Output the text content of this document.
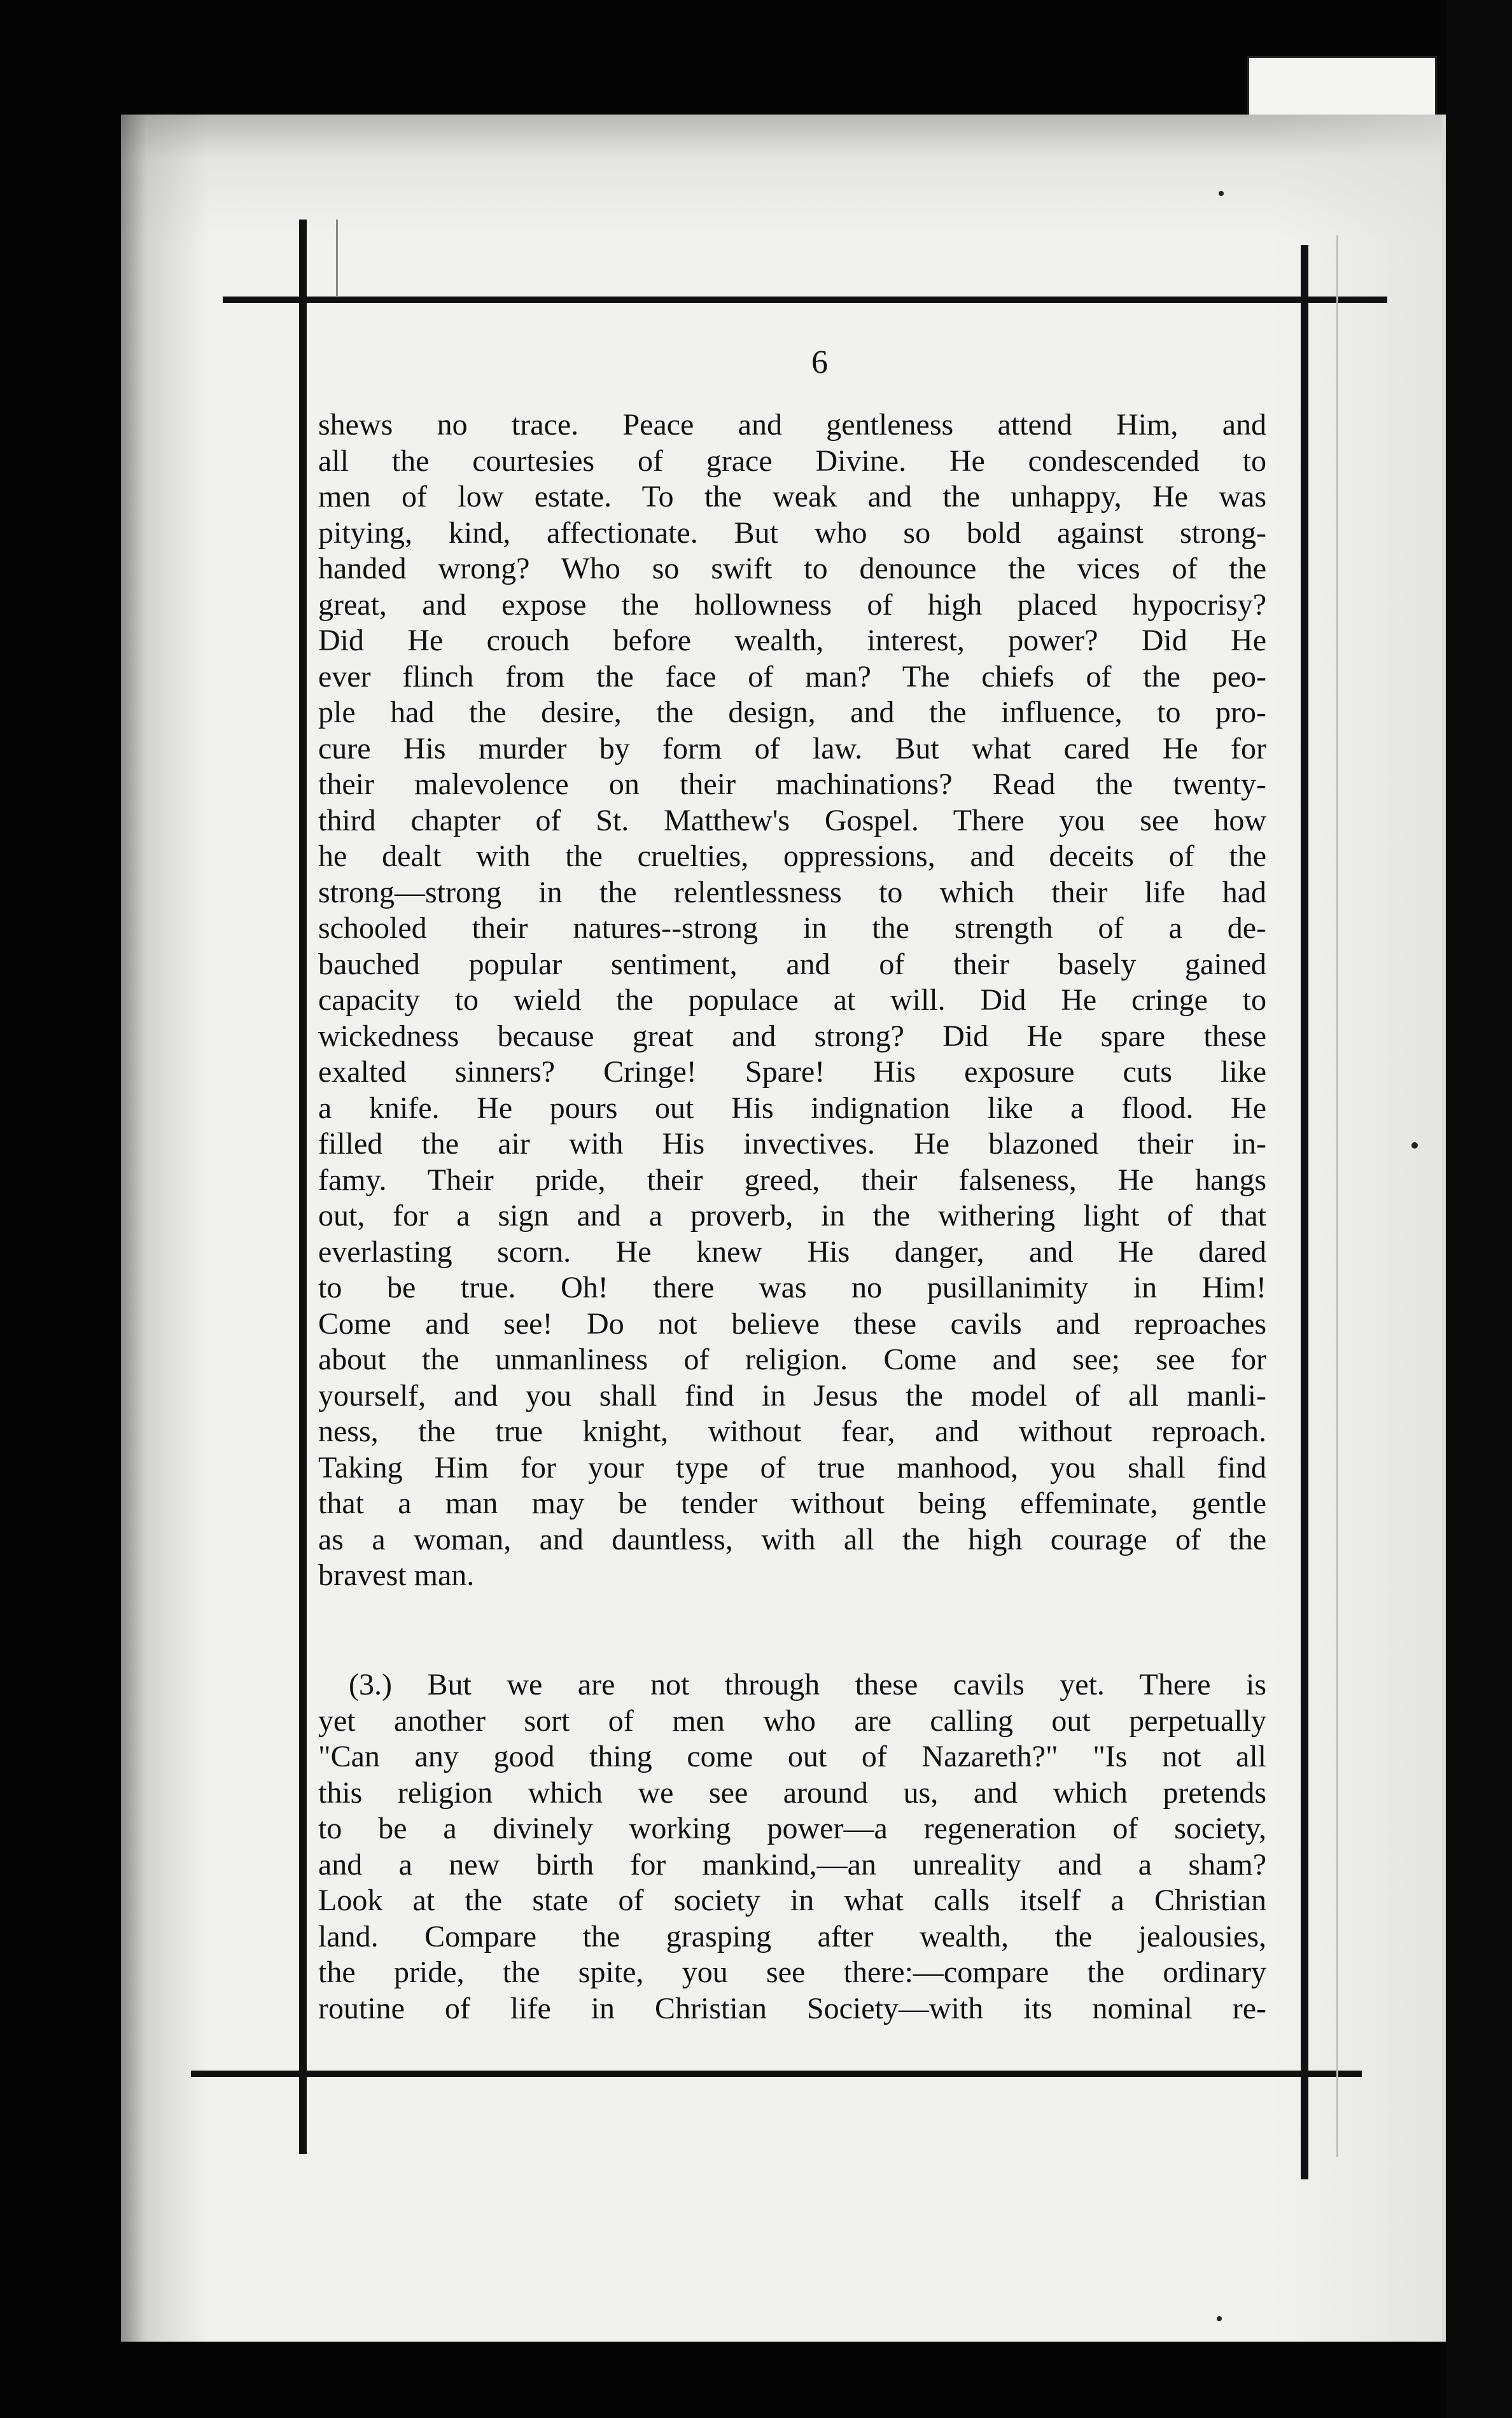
6
shews no trace. Peace and gentleness attend Him, and
all the courtesies of grace Divine. He condescended to
men of low estate. To the weak and the unhappy, He was
pitying, kind, affectionate. But who so bold against strong-
handed wrong? Who so swift to denounce the vices of the
great, and expose the hollowness of high placed hypocrisy?
Did He crouch before wealth, interest, power? Did He
ever flinch from the face of man? The chiefs of the peo-
ple had the desire, the design, and the influence, to pro-
cure His murder by form of law. But what cared He for
their malevolence on their machinations? Read the twenty-
third chapter of St. Matthew's Gospel. There you see how
he dealt with the cruelties, oppressions, and deceits of the
strong—strong in the relentlessness to which their life had
schooled their natures--strong in the strength of a de-
bauched popular sentiment, and of their basely gained
capacity to wield the populace at will. Did He cringe to
wickedness because great and strong? Did He spare these
exalted sinners? Cringe! Spare! His exposure cuts like
a knife. He pours out His indignation like a flood. He
filled the air with His invectives. He blazoned their in-
famy. Their pride, their greed, their falseness, He hangs
out, for a sign and a proverb, in the withering light of that
everlasting scorn. He knew His danger, and He dared
to be true. Oh! there was no pusillanimity in Him!
Come and see! Do not believe these cavils and reproaches
about the unmanliness of religion. Come and see; see for
yourself, and you shall find in Jesus the model of all manli-
ness, the true knight, without fear, and without reproach.
Taking Him for your type of true manhood, you shall find
that a man may be tender without being effeminate, gentle
as a woman, and dauntless, with all the high courage of the
bravest man.
(3.) But we are not through these cavils yet. There is
yet another sort of men who are calling out perpetually
"Can any good thing come out of Nazareth?" "Is not all
this religion which we see around us, and which pretends
to be a divinely working power—a regeneration of society,
and a new birth for mankind,—an unreality and a sham?
Look at the state of society in what calls itself a Christian
land. Compare the grasping after wealth, the jealousies,
the pride, the spite, you see there:—compare the ordinary
routine of life in Christian Society—with its nominal re-
